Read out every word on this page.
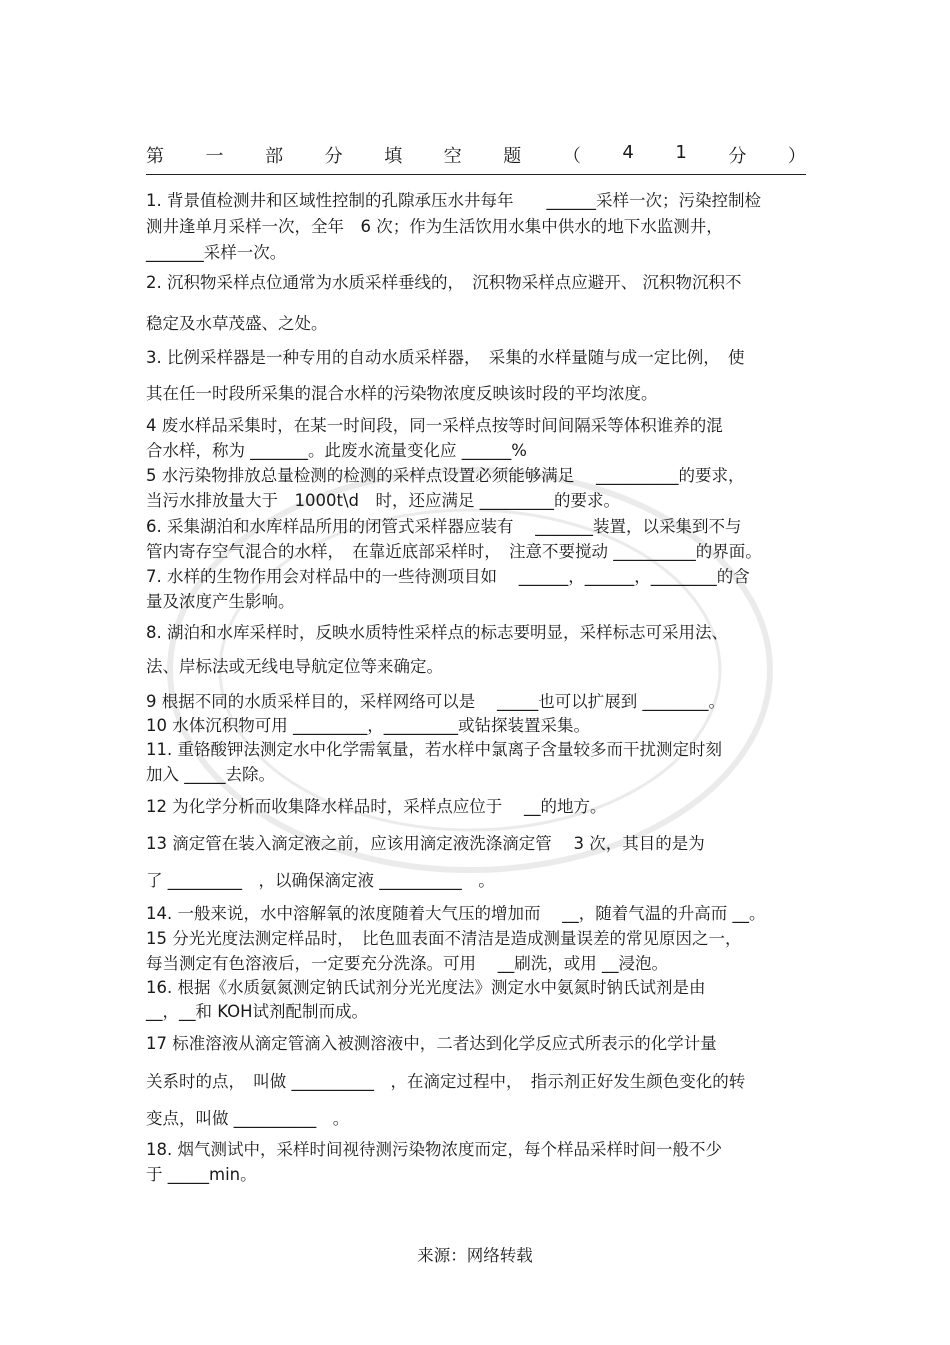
第 一 部 分 填 空 题 （ 4 1 分 ）
1. 背景值检测井和区域性控制的孔隙承压水井每年　　______采样一次；污染控制检
测井逢单月采样一次，全年　6 次；作为生活饮用水集中供水的地下水监测井，
_______采样一次。
2. 沉积物采样点位通常为水质采样垂线的，　沉积物采样点应避开、 沉积物沉积不
稳定及水草茂盛、之处。
3. 比例采样器是一种专用的自动水质采样器，　采集的水样量随与成一定比例，　使
其在任一时段所采集的混合水样的污染物浓度反映该时段的平均浓度。
4 废水样品采集时，在某一时间段，同一采样点按等时间间隔采等体积谁养的混
合水样，称为 _______。此废水流量变化应 ______%
5 水污染物排放总量检测的检测的采样点设置必须能够满足　 __________的要求，
当污水排放量大于　1000t\d　时，还应满足 _________的要求。
6. 采集湖泊和水库样品所用的闭管式采样器应装有　 _______装置，以采集到不与
管内寄存空气混合的水样，　在靠近底部采样时，　注意不要搅动 __________的界面。
7. 水样的生物作用会对样品中的一些待测项目如　 ______，______，________的含
量及浓度产生影响。
8. 湖泊和水库采样时，反映水质特性采样点的标志要明显，采样标志可采用法、
法、岸标法或无线电导航定位等来确定。
9 根据不同的水质采样目的，采样网络可以是　 _____也可以扩展到 ________。
10 水体沉积物可用 _________，_________或钻探装置采集。
11. 重铬酸钾法测定水中化学需氧量，若水样中氯离子含量较多而干扰测定时刻
加入 _____去除。
12 为化学分析而收集降水样品时，采样点应位于　 __的地方。
13 滴定管在装入滴定液之前，应该用滴定液洗涤滴定管　 3 次，其目的是为
了 _________　，以确保滴定液 __________　。
14. 一般来说，水中溶解氧的浓度随着大气压的增加而　 __，随着气温的升高而 __。
15 分光光度法测定样品时，　比色皿表面不清洁是造成测量误差的常见原因之一，
每当测定有色溶液后，一定要充分洗涤。可用　 __刷洗，或用 __浸泡。
16. 根据《水质氨氮测定钠氏试剂分光光度法》测定水中氨氮时钠氏试剂是由
__，__和 KOH试剂配制而成。
17 标准溶液从滴定管滴入被测溶液中，二者达到化学反应式所表示的化学计量
关系时的点，　叫做 __________　，在滴定过程中，　指示剂正好发生颜色变化的转
变点，叫做 __________　。
18. 烟气测试中，采样时间视待测污染物浓度而定，每个样品采样时间一般不少
于 _____min。
来源：网络转载
